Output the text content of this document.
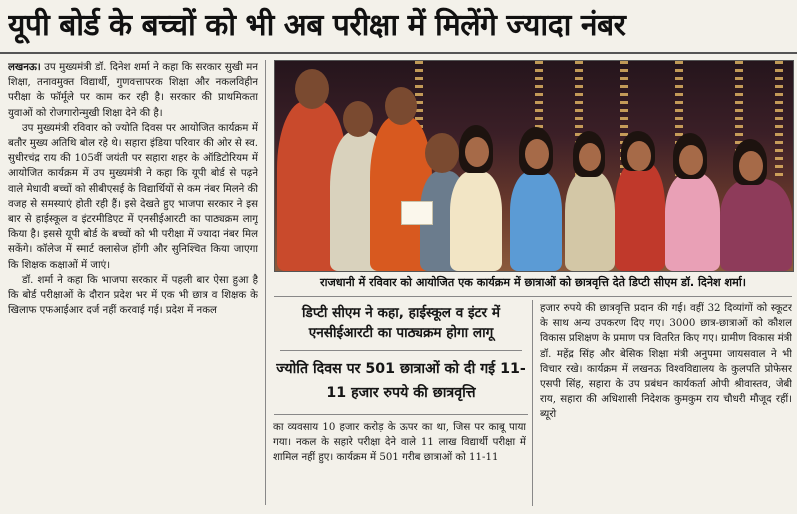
यूपी बोर्ड के बच्चों को भी अब परीक्षा में मिलेंगे ज्यादा नंबर

लखनऊ। उप मुख्यमंत्री डॉ. दिनेश शर्मा ने कहा कि सरकार सुखी मन शिक्षा, तनावमुक्त विद्यार्थी, गुणवत्तापरक शिक्षा और नकलविहीन परीक्षा के फॉर्मूले पर काम कर रही है। सरकार की प्राथमिकता युवाओं को रोजगारोन्मुखी शिक्षा देने की है।

उप मुख्यमंत्री रविवार को ज्योति दिवस पर आयोजित कार्यक्रम में बतौर मुख्य अतिथि बोल रहे थे। सहारा इंडिया परिवार की ओर से स्व. सुधीरचंद्र राय की 105वीं जयंती पर सहारा शहर के ऑडिटोरियम में आयोजित कार्यक्रम में उप मुख्यमंत्री ने कहा कि यूपी बोर्ड से पढ़ने वाले मेधावी बच्चों को सीबीएसई के विद्यार्थियों से कम नंबर मिलने की वजह से समस्याएं होती रही हैं। इसे देखते हुए भाजपा सरकार ने इस बार से हाईस्कूल व इंटरमीडिएट में एनसीईआरटी का पाठ्यक्रम लागू किया है। इससे यूपी बोर्ड के बच्चों को भी परीक्षा में ज्यादा नंबर मिल सकेंगे। कॉलेज में स्मार्ट क्लासेज होंगी और सुनिश्चित किया जाएगा कि शिक्षक कक्षाओं में जाएं।

डॉ. शर्मा ने कहा कि भाजपा सरकार में पहली बार ऐसा हुआ है कि बोर्ड परीक्षाओं के दौरान प्रदेश भर में एक भी छात्र व शिक्षक के खिलाफ एफआईआर दर्ज नहीं करवाई गई। प्रदेश में नकल

राजधानी में रविवार को आयोजित एक कार्यक्रम में छात्राओं को छात्रवृत्ति देते डिप्टी सीएम डॉ. दिनेश शर्मा।
डिप्टी सीएम ने कहा, हाईस्कूल व इंटर में एनसीईआरटी का पाठ्यक्रम होगा लागू
ज्योति दिवस पर 501 छात्राओं को दी गई 11-11 हजार रुपये की छात्रवृत्ति

का व्यवसाय 10 हजार करोड़ के ऊपर का था, जिस पर काबू पाया गया। नकल के सहारे परीक्षा देने वाले 11 लाख विद्यार्थी परीक्षा में शामिल नहीं हुए। कार्यक्रम में 501 गरीब छात्राओं को 11-11

हजार रुपये की छात्रवृत्ति प्रदान की गई। वहीं 32 दिव्यांगों को स्कूटर के साथ अन्य उपकरण दिए गए। 3000 छात्र-छात्राओं को कौशल विकास प्रशिक्षण के प्रमाण पत्र वितरित किए गए। ग्रामीण विकास मंत्री डॉ. महेंद्र सिंह और बेसिक शिक्षा मंत्री अनुपमा जायसवाल ने भी विचार रखे। कार्यक्रम में लखनऊ विश्वविद्यालय के कुलपति प्रोफेसर एसपी सिंह, सहारा के उप प्रबंधन कार्यकर्ता ओपी श्रीवास्तव, जेबी राय, सहारा की अधिशासी निदेशक कुमकुम राय चौधरी मौजूद रहीं। ब्यूरो
